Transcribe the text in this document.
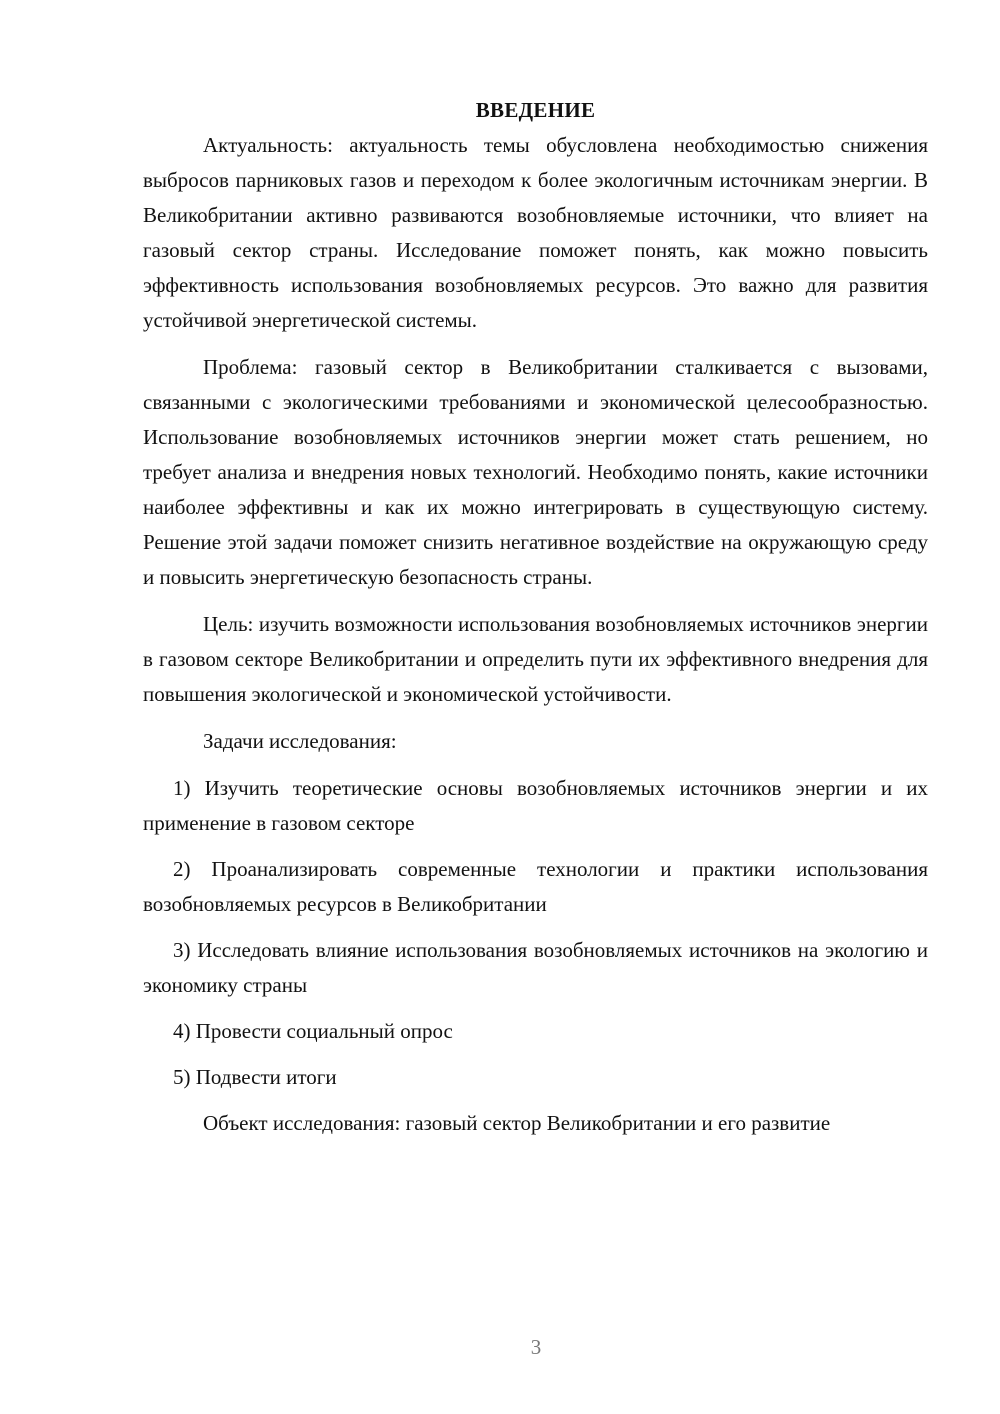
ВВЕДЕНИЕ

Актуальность: актуальность темы обусловлена необходимостью снижения выбросов парниковых газов и переходом к более экологичным источникам энергии. В Великобритании активно развиваются возобновляемые источники, что влияет на газовый сектор страны. Исследование поможет понять, как можно повысить эффективность использования возобновляемых ресурсов. Это важно для развития устойчивой энергетической системы.

Проблема: газовый сектор в Великобритании сталкивается с вызовами, связанными с экологическими требованиями и экономической целесообразностью. Использование возобновляемых источников энергии может стать решением, но требует анализа и внедрения новых технологий. Необходимо понять, какие источники наиболее эффективны и как их можно интегрировать в существующую систему. Решение этой задачи поможет снизить негативное воздействие на окружающую среду и повысить энергетическую безопасность страны.

Цель: изучить возможности использования возобновляемых источников энергии в газовом секторе Великобритании и определить пути их эффективного внедрения для повышения экологической и экономической устойчивости.

Задачи исследования:

1) Изучить теоретические основы возобновляемых источников энергии и их применение в газовом секторе

2) Проанализировать современные технологии и практики использования возобновляемых ресурсов в Великобритании

3) Исследовать влияние использования возобновляемых источников на экологию и экономику страны

4) Провести социальный опрос

5) Подвести итоги

Объект исследования: газовый сектор Великобритании и его развитие

3
